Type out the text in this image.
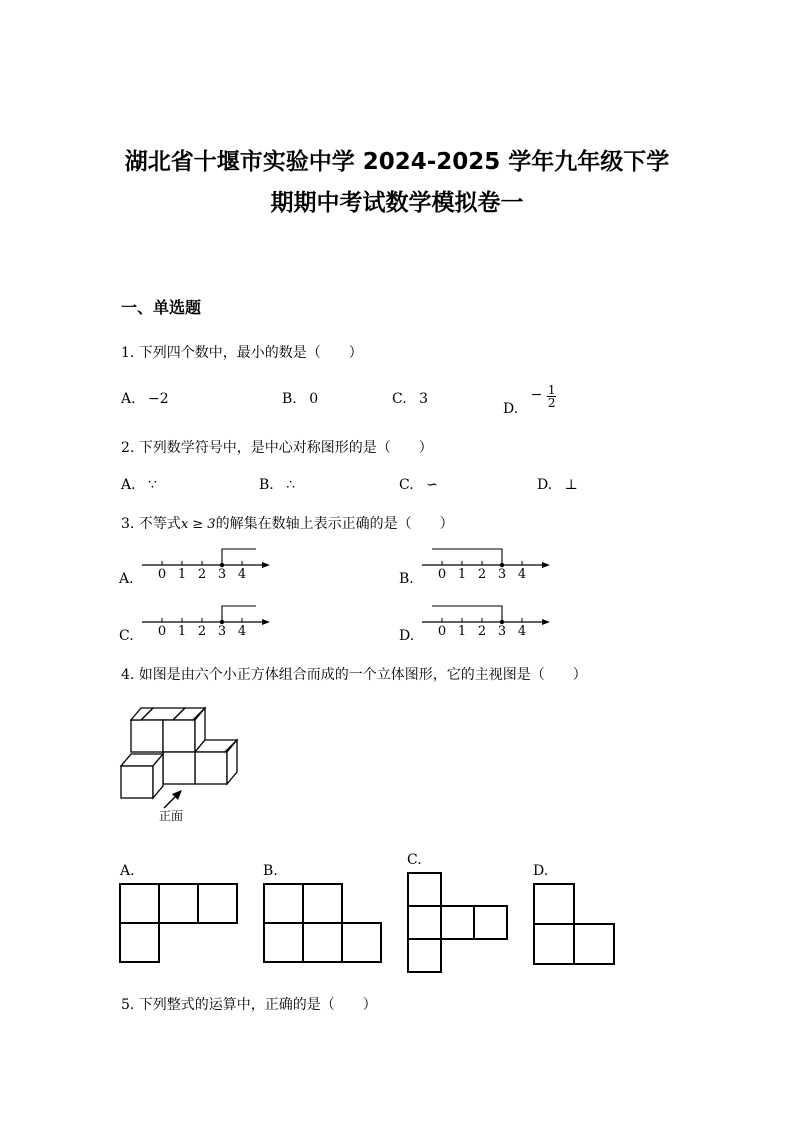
湖北省十堰市实验中学 2024-2025 学年九年级下学
期期中考试数学模拟卷一
一、单选题
1. 下列四个数中，最小的数是（　　）
A. −2	B. 0	C. 3
D. − $\frac{1}{2}$
2. 下列数学符号中，是中心对称图形的是（　　）
A. ∵	B. ∴	C. ∽	D. ⊥
3. 不等式x ≥ 3的解集在数轴上表示正确的是（　　）
A.	B.
C.	D.
0 1 2 3 4	0 1 2 3 4
0 1 2 3 4	0 1 2 3 4
4. 如图是由六个小正方体组合而成的一个立体图形，它的主视图是（　　）
正面
A.	B.
C.
D.
5. 下列整式的运算中，正确的是（　　）
